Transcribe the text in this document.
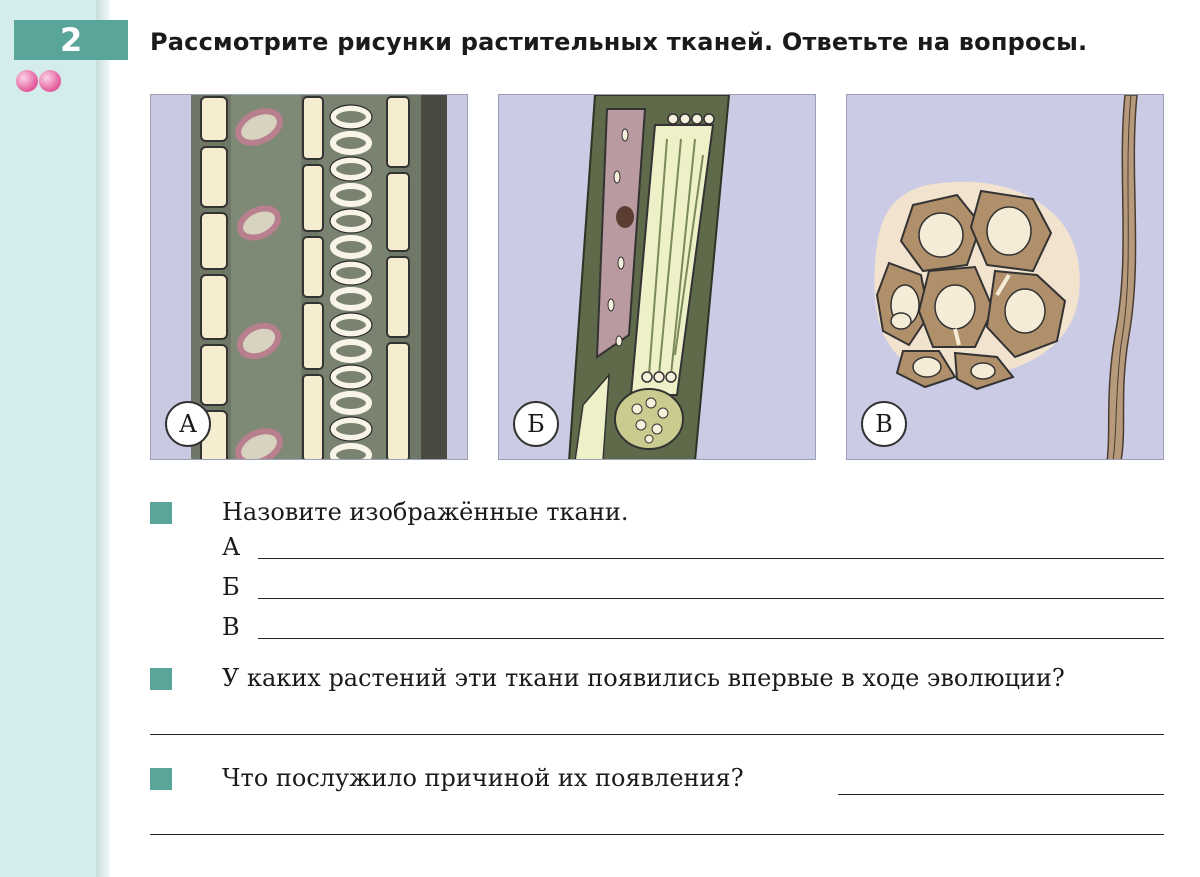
2	Рассмотрите рисунки растительных тканей. Ответьте на вопросы.
А	Б	В
Назовите изображённые ткани.
А
Б
В
У каких растений эти ткани появились впервые в ходе эволюции?
Что послужило причиной их появления?
